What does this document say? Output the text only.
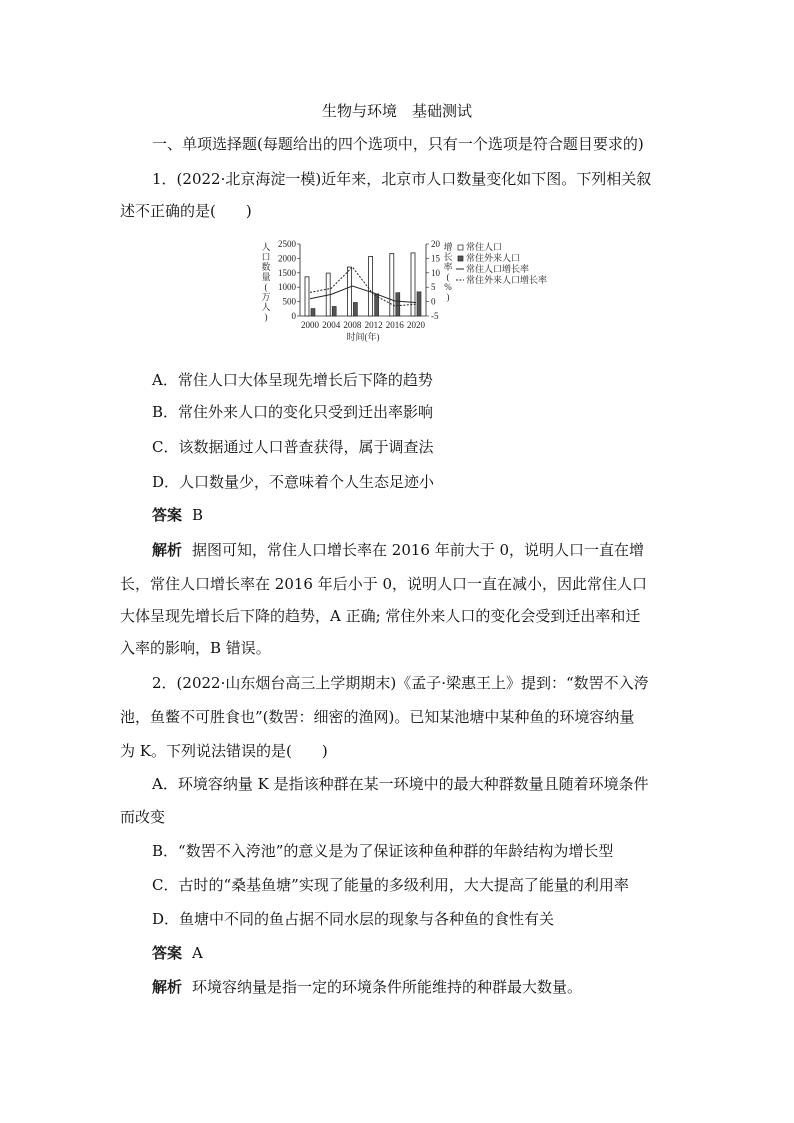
生物与环境　基础测试
一、单项选择题(每题给出的四个选项中，只有一个选项是符合题目要求的)
1．(2022·北京海淀一模)近年来，北京市人口数量变化如下图。下列相关叙
述不正确的是(　　)
0
500
1000
1500
2000
2500
-5
0
5
10
15
20
2000 2004 2008 2012 2016 2020
时间(年)
人
口
数
量
(
万
人
)
增
长
率
(
%
)
常住人口
常住外来人口
常住人口增长率
常住外来人口增长率
A．常住人口大体呈现先增长后下降的趋势
B．常住外来人口的变化只受到迁出率影响
C．该数据通过人口普查获得，属于调查法
D．人口数量少，不意味着个人生态足迹小
答案 B
解析 据图可知，常住人口增长率在 2016 年前大于 0，说明人口一直在增
长，常住人口增长率在 2016 年后小于 0，说明人口一直在减小，因此常住人口
大体呈现先增长后下降的趋势，A 正确; 常住外来人口的变化会受到迁出率和迁
入率的影响，B 错误。
2．(2022·山东烟台高三上学期期末)《孟子·梁惠王上》提到：“数罟不入洿
池，鱼鳖不可胜食也”(数罟：细密的渔网)。已知某池塘中某种鱼的环境容纳量
为 K。下列说法错误的是(　　)
A．环境容纳量 K 是指该种群在某一环境中的最大种群数量且随着环境条件
而改变
B．“数罟不入洿池”的意义是为了保证该种鱼种群的年龄结构为增长型
C．古时的“桑基鱼塘”实现了能量的多级利用，大大提高了能量的利用率
D．鱼塘中不同的鱼占据不同水层的现象与各种鱼的食性有关
答案 A
解析 环境容纳量是指一定的环境条件所能维持的种群最大数量。
